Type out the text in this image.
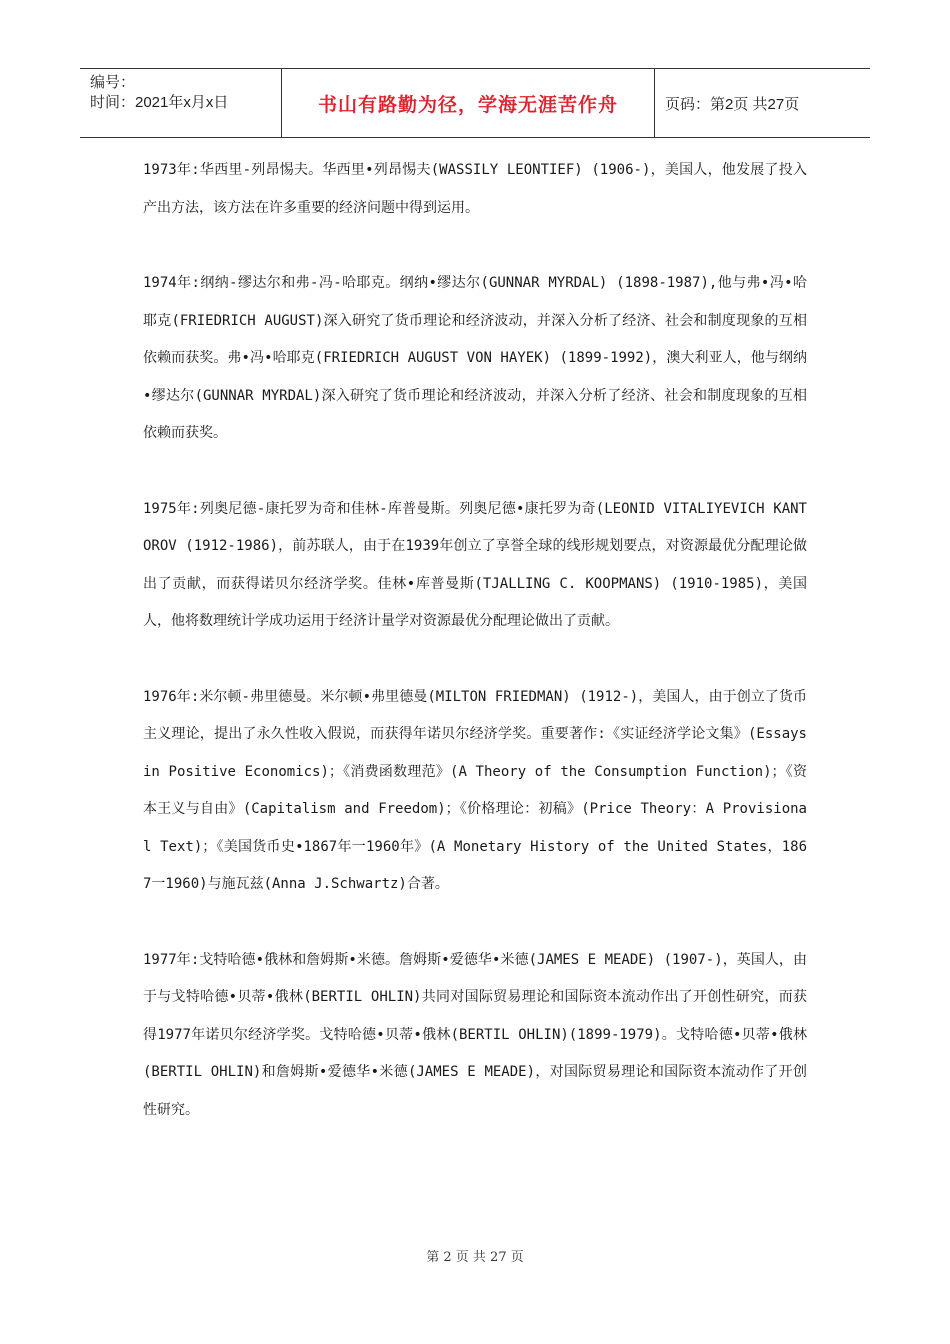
编号：
时间：2021年x月x日	书山有路勤为径，学海无涯苦作舟	页码：第2页 共27页

1973年:华西里-列昂惕夫。华西里•列昂惕夫(WASSILY LEONTIEF) (1906-)，美国人，他发展了投入产出方法，该方法在许多重要的经济问题中得到运用。

1974年:纲纳-缪达尔和弗-冯-哈耶克。纲纳•缪达尔(GUNNAR MYRDAL) (1898-1987),他与弗•冯•哈耶克(FRIEDRICH AUGUST)深入研究了货币理论和经济波动，并深入分析了经济、社会和制度现象的互相依赖而获奖。弗•冯•哈耶克(FRIEDRICH AUGUST VON HAYEK) (1899-1992)，澳大利亚人，他与纲纳•缪达尔(GUNNAR MYRDAL)深入研究了货币理论和经济波动，并深入分析了经济、社会和制度现象的互相依赖而获奖。

1975年:列奥尼德-康托罗为奇和佳林-库普曼斯。列奥尼德•康托罗为奇(LEONID VITALIYEVICH KANTOROV (1912-1986)，前苏联人，由于在1939年创立了享誉全球的线形规划要点，对资源最优分配理论做出了贡献，而获得诺贝尔经济学奖。佳林•库普曼斯(TJALLING C. KOOPMANS) (1910-1985)，美国人，他将数理统计学成功运用于经济计量学对资源最优分配理论做出了贡献。

1976年:米尔顿-弗里德曼。米尔顿•弗里德曼(MILTON FRIEDMAN) (1912-)，美国人，由于创立了货币主义理论，提出了永久性收入假说，而获得年诺贝尔经济学奖。重要著作:《实证经济学论文集》(Essays in Positive Economics)；《消费函数理范》(A Theory of the Consumption Function)；《资本王义与自由》(Capitalism and Freedom)；《价格理论：初稿》(Price Theory：A Provisional Text)；《美国货币史•1867年一1960年》(A Monetary History of the United States，1867一1960)与施瓦兹(Anna J.Schwartz)合著。

1977年:戈特哈德•俄林和詹姆斯•米德。詹姆斯•爱德华•米德(JAMES E MEADE) (1907-)，英国人，由于与戈特哈德•贝蒂•俄林(BERTIL OHLIN)共同对国际贸易理论和国际资本流动作出了开创性研究，而获得1977年诺贝尔经济学奖。戈特哈德•贝蒂•俄林(BERTIL OHLIN)(1899-1979)。戈特哈德•贝蒂•俄林(BERTIL OHLIN)和詹姆斯•爱德华•米德(JAMES E MEADE)，对国际贸易理论和国际资本流动作了开创性研究。

第 2 页 共 27 页
